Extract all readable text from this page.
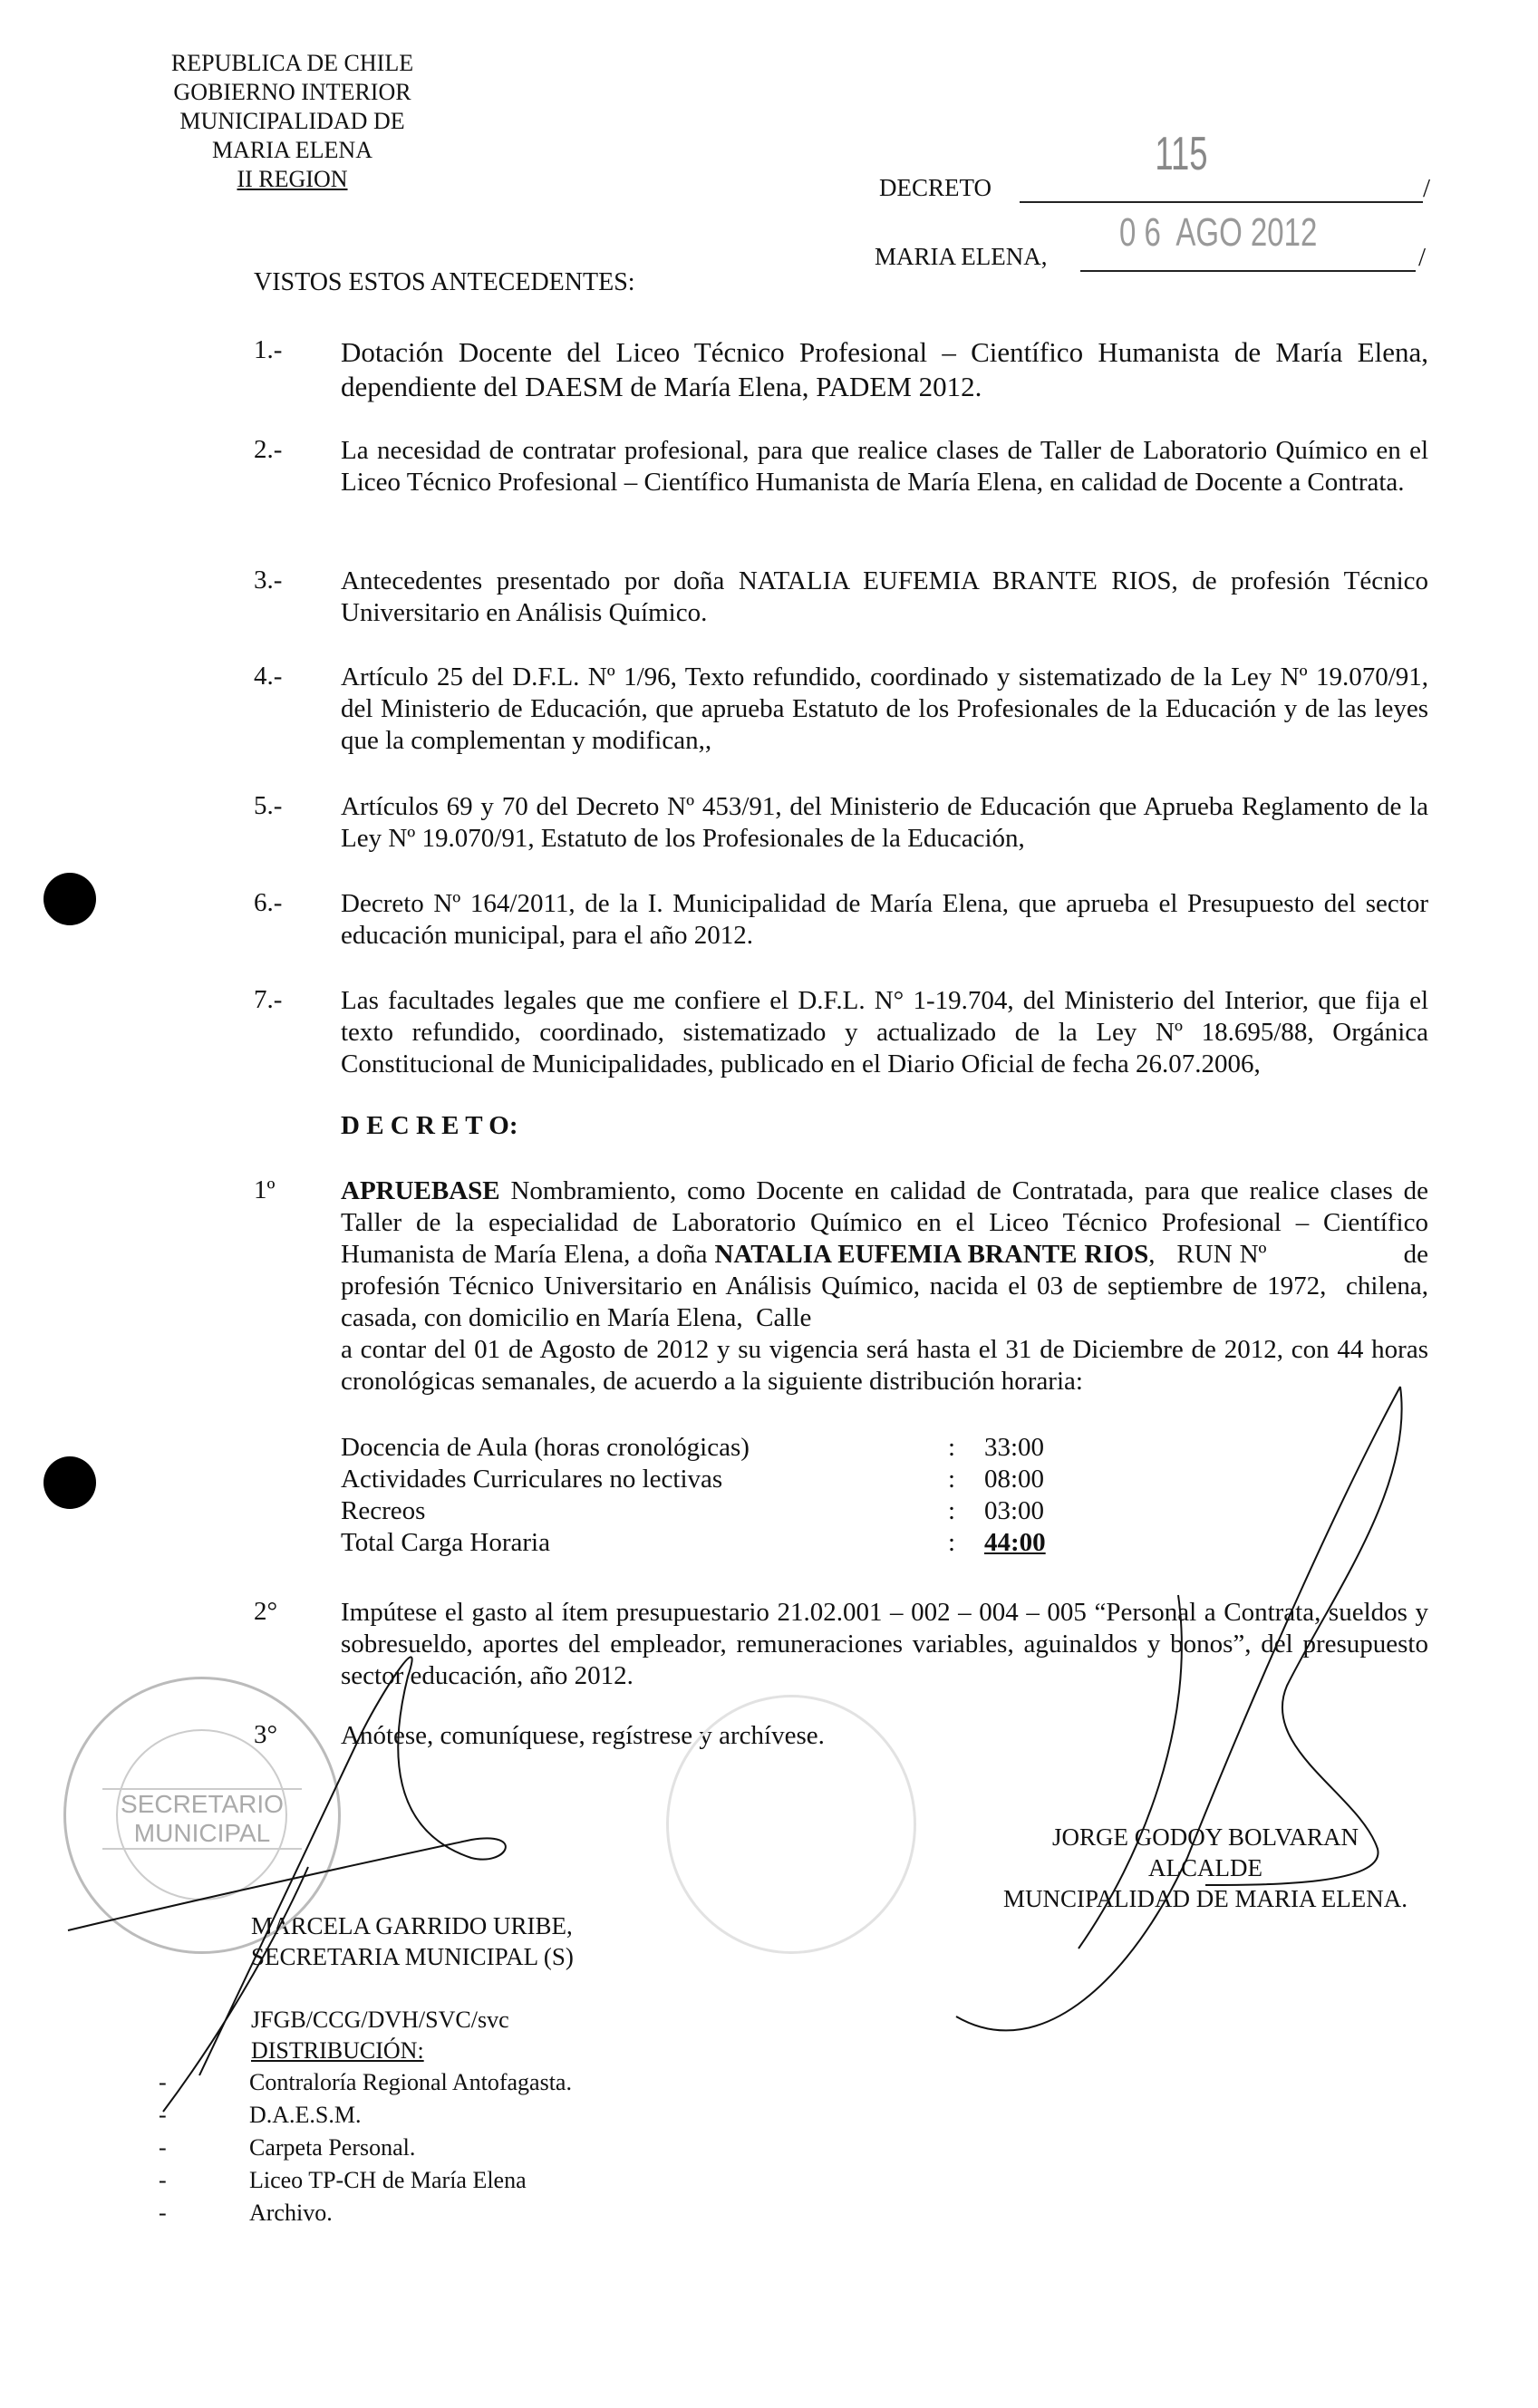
REPUBLICA DE CHILE
GOBIERNO INTERIOR
MUNICIPALIDAD DE
MARIA ELENA
II REGION	DECRETO	/
115
MARIA ELENA,	/
0 6  AGO 2012
VISTOS ESTOS ANTECEDENTES:
1.- Dotación Docente del Liceo Técnico Profesional – Científico Humanista de María Elena, dependiente del DAESM de María Elena, PADEM 2012.
2.- La necesidad de contratar profesional, para que realice clases de Taller de Laboratorio Químico en el Liceo Técnico Profesional – Científico Humanista de María Elena, en calidad de Docente a Contrata.
3.- Antecedentes presentado por doña NATALIA EUFEMIA BRANTE RIOS, de profesión Técnico Universitario en Análisis Químico.
4.- Artículo 25 del D.F.L. Nº 1/96, Texto refundido, coordinado y sistematizado de la Ley Nº 19.070/91, del Ministerio de Educación, que aprueba Estatuto de los Profesionales de la Educación y de las leyes que la complementan y modifican,,
5.- Artículos 69 y 70 del Decreto Nº 453/91, del Ministerio de Educación que Aprueba Reglamento de la Ley Nº 19.070/91, Estatuto de los Profesionales de la Educación,
6.- Decreto Nº 164/2011, de la I. Municipalidad de María Elena, que aprueba el Presupuesto del sector educación municipal, para el año 2012.
7.- Las facultades legales que me confiere el D.F.L. N° 1-19.704, del Ministerio del Interior, que fija el texto refundido, coordinado, sistematizado y actualizado de la Ley Nº 18.695/88, Orgánica Constitucional de Municipalidades, publicado en el Diario Oficial de fecha 26.07.2006,
D E C R E T O:
1º	APRUEBASE Nombramiento, como Docente en calidad de Contratada, para que realice clases de Taller de la especialidad de Laboratorio Químico en el Liceo Técnico Profesional – Científico Humanista de María Elena, a doña NATALIA EUFEMIA BRANTE RIOS,   RUN Nº                   de profesión Técnico Universitario en Análisis Químico, nacida el 03 de septiembre de 1972,  chilena,  casada, con domicilio en María Elena,  Calle
a contar del 01 de Agosto de 2012 y su vigencia será hasta el 31 de Diciembre de 2012, con 44 horas cronológicas semanales, de acuerdo a la siguiente distribución horaria:
Docencia de Aula (horas cronológicas)	:	33:00
Actividades Curriculares no lectivas	:	08:00
Recreos	:	03:00
Total Carga Horaria	:	44:00
2° Impútese el gasto al ítem presupuestario 21.02.001 – 002 – 004 – 005 “Personal a Contrata, sueldos y sobresueldo, aportes del empleador, remuneraciones variables, aguinaldos y bonos”, del presupuesto sector educación, año 2012.
3° Anótese, comuníquese, regístrese y archívese.
JORGE GODOY BOLVARAN
ALCALDE
MUNCIPALIDAD DE MARIA ELENA.
MARCELA GARRIDO URIBE,
SECRETARIA MUNICIPAL (S)
JFGB/CCG/DVH/SVC/svc
DISTRIBUCIÓN:
-	Contraloría Regional Antofagasta.
-	D.A.E.S.M.
-	Carpeta Personal.
-	Liceo TP-CH de María Elena
-	Archivo.
SECRETARIO
MUNICIPAL
